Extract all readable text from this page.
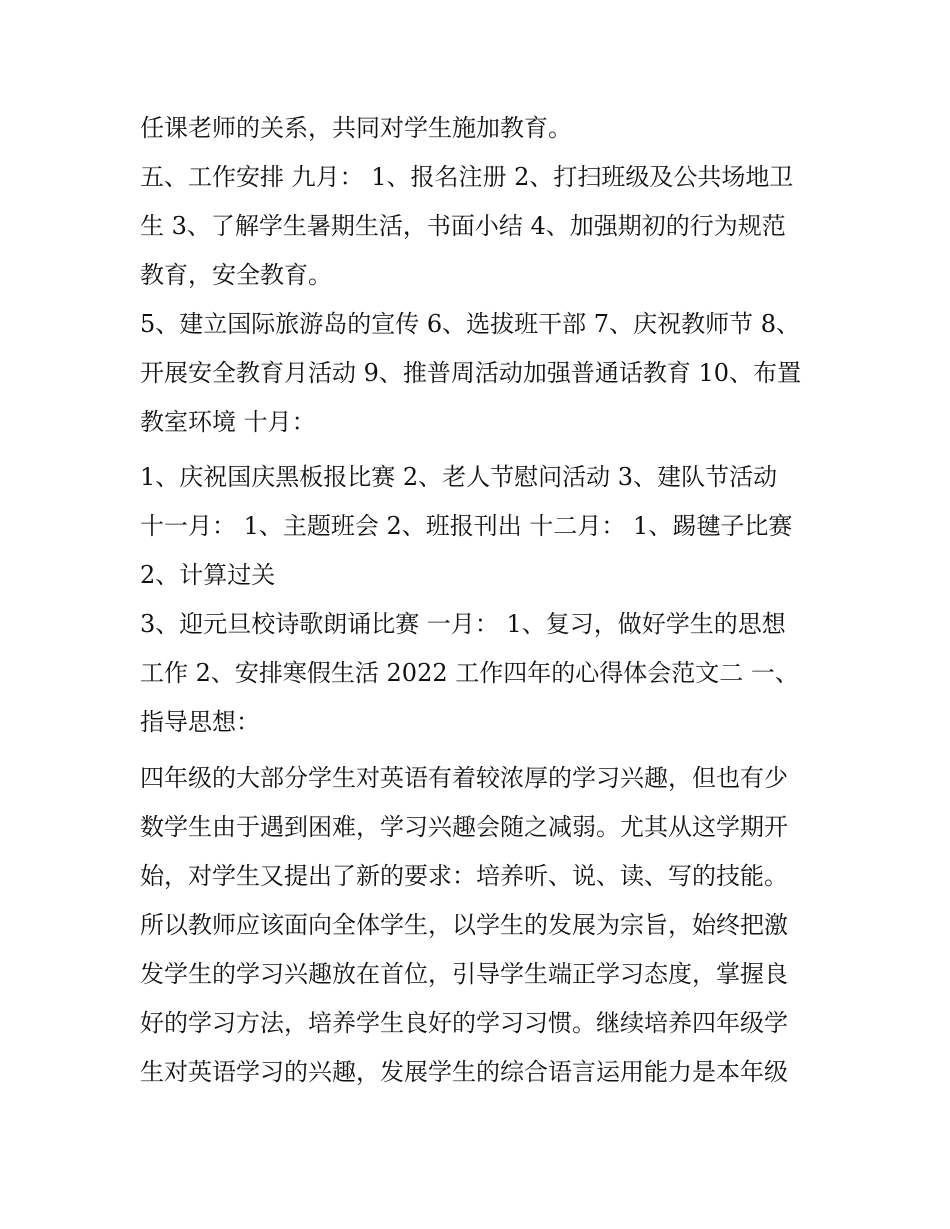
任课老师的关系，共同对学生施加教育。
五、工作安排 九月： 1、报名注册 2、打扫班级及公共场地卫
生 3、了解学生暑期生活，书面小结 4、加强期初的行为规范
教育，安全教育。
5、建立国际旅游岛的宣传 6、选拔班干部 7、庆祝教师节 8、
开展安全教育月活动 9、推普周活动加强普通话教育 10、布置
教室环境 十月：
1、庆祝国庆黑板报比赛 2、老人节慰问活动 3、建队节活动
十一月： 1、主题班会 2、班报刊出 十二月： 1、踢毽子比赛
2、计算过关
3、迎元旦校诗歌朗诵比赛 一月： 1、复习，做好学生的思想
工作 2、安排寒假生活 2022 工作四年的心得体会范文二 一、
指导思想：
四年级的大部分学生对英语有着较浓厚的学习兴趣，但也有少
数学生由于遇到困难，学习兴趣会随之减弱。尤其从这学期开
始，对学生又提出了新的要求：培养听、说、读、写的技能。
所以教师应该面向全体学生，以学生的发展为宗旨，始终把激
发学生的学习兴趣放在首位，引导学生端正学习态度，掌握良
好的学习方法，培养学生良好的学习习惯。继续培养四年级学
生对英语学习的兴趣，发展学生的综合语言运用能力是本年级
